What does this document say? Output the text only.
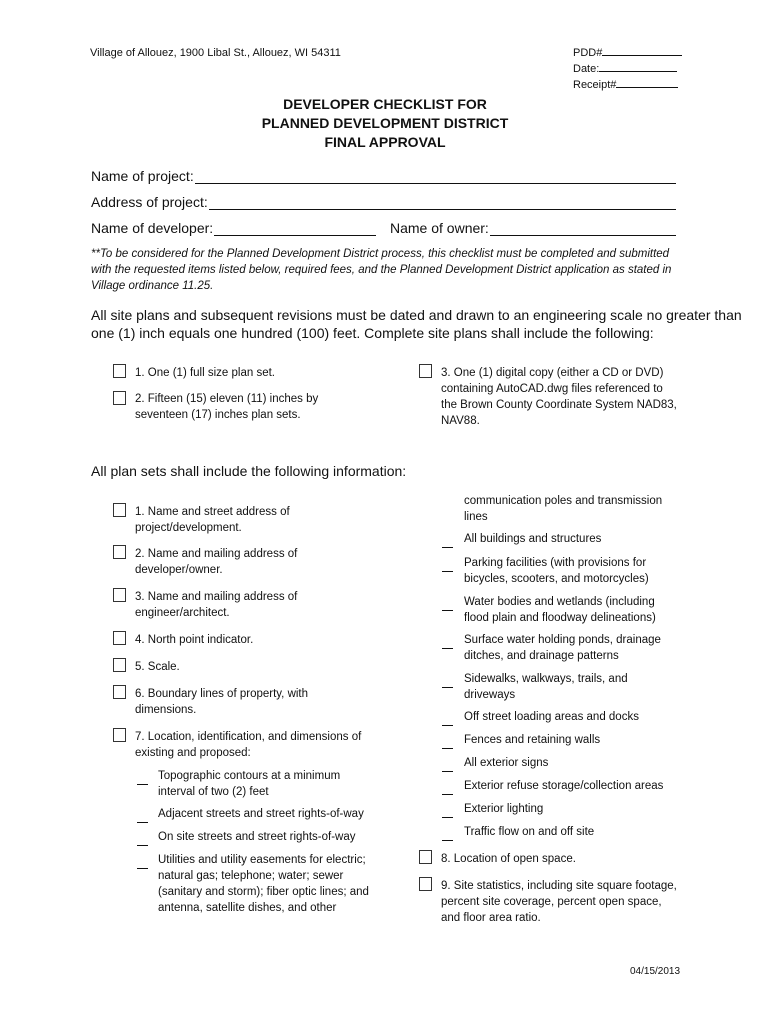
Village of Allouez, 1900 Libal St., Allouez, WI 54311	PDD#
Date:
Receipt#
DEVELOPER CHECKLIST FOR
PLANNED DEVELOPMENT DISTRICT
FINAL APPROVAL
Name of project:
Address of project:
Name of developer:	Name of owner:
**To be considered for the Planned Development District process, this checklist must be completed and submitted
with the requested items listed below, required fees, and the Planned Development District application as stated in
Village ordinance 11.25.
All site plans and subsequent revisions must be dated and drawn to an engineering scale no greater than
one (1) inch equals one hundred (100) feet. Complete site plans shall include the following:
1. One (1) full size plan set.
2. Fifteen (15) eleven (11) inches by
seventeen (17) inches plan sets.
3. One (1) digital copy (either a CD or DVD)
containing AutoCAD.dwg files referenced to
the Brown County Coordinate System NAD83,
NAV88.
All plan sets shall include the following information:
1. Name and street address of
project/development.
2. Name and mailing address of
developer/owner.
3. Name and mailing address of
engineer/architect.
4. North point indicator.
5. Scale.
6. Boundary lines of property, with
dimensions.
7. Location, identification, and dimensions of
existing and proposed:
Topographic contours at a minimum
interval of two (2) feet
Adjacent streets and street rights-of-way
On site streets and street rights-of-way
Utilities and utility easements for electric;
natural gas; telephone; water; sewer
(sanitary and storm); fiber optic lines; and
antenna, satellite dishes, and other
communication poles and transmission
lines
All buildings and structures
Parking facilities (with provisions for
bicycles, scooters, and motorcycles)
Water bodies and wetlands (including
flood plain and floodway delineations)
Surface water holding ponds, drainage
ditches, and drainage patterns
Sidewalks, walkways, trails, and
driveways
Off street loading areas and docks
Fences and retaining walls
All exterior signs
Exterior refuse storage/collection areas
Exterior lighting
Traffic flow on and off site
8. Location of open space.
9. Site statistics, including site square footage,
percent site coverage, percent open space,
and floor area ratio.
04/15/2013
